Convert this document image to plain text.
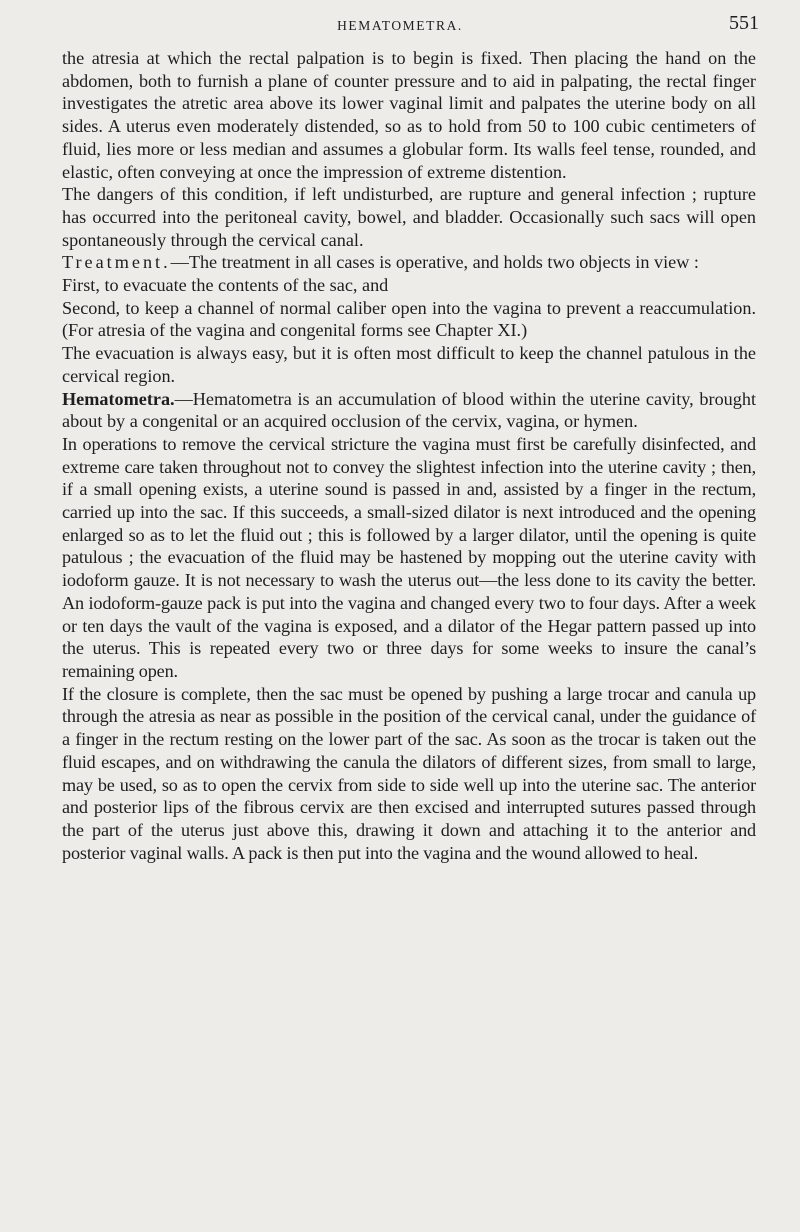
HEMATOMETRA.	551

the atresia at which the rectal palpation is to begin is fixed. Then placing the hand on the abdomen, both to furnish a plane of counter pressure and to aid in palpating, the rectal finger investigates the atretic area above its lower vaginal limit and palpates the uterine body on all sides. A uterus even moderately distended, so as to hold from 50 to 100 cubic centimeters of fluid, lies more or less median and assumes a globular form. Its walls feel tense, rounded, and elastic, often conveying at once the impression of extreme distention.

The dangers of this condition, if left undisturbed, are rupture and general infection ; rupture has occurred into the peritoneal cavity, bowel, and bladder. Occasionally such sacs will open spontaneously through the cervical canal.

Treatment.—The treatment in all cases is operative, and holds two objects in view :

First, to evacuate the contents of the sac, and

Second, to keep a channel of normal caliber open into the vagina to prevent a reaccumulation. (For atresia of the vagina and congenital forms see Chapter XI.)

The evacuation is always easy, but it is often most difficult to keep the channel patulous in the cervical region.

Hematometra.—Hematometra is an accumulation of blood within the uterine cavity, brought about by a congenital or an acquired occlusion of the cervix, vagina, or hymen.

In operations to remove the cervical stricture the vagina must first be carefully disinfected, and extreme care taken throughout not to convey the slightest infection into the uterine cavity ; then, if a small opening exists, a uterine sound is passed in and, assisted by a finger in the rectum, carried up into the sac. If this succeeds, a small-sized dilator is next introduced and the opening enlarged so as to let the fluid out ; this is followed by a larger dilator, until the opening is quite patulous ; the evacuation of the fluid may be hastened by mopping out the uterine cavity with iodoform gauze. It is not necessary to wash the uterus out—the less done to its cavity the better. An iodoform-gauze pack is put into the vagina and changed every two to four days. After a week or ten days the vault of the vagina is exposed, and a dilator of the Hegar pattern passed up into the uterus. This is repeated every two or three days for some weeks to insure the canal’s remaining open.

If the closure is complete, then the sac must be opened by pushing a large trocar and canula up through the atresia as near as possible in the position of the cervical canal, under the guidance of a finger in the rectum resting on the lower part of the sac. As soon as the trocar is taken out the fluid escapes, and on withdrawing the canula the dilators of different sizes, from small to large, may be used, so as to open the cervix from side to side well up into the uterine sac. The anterior and posterior lips of the fibrous cervix are then excised and interrupted sutures passed through the part of the uterus just above this, drawing it down and attaching it to the anterior and posterior vaginal walls. A pack is then put into the vagina and the wound allowed to heal.
